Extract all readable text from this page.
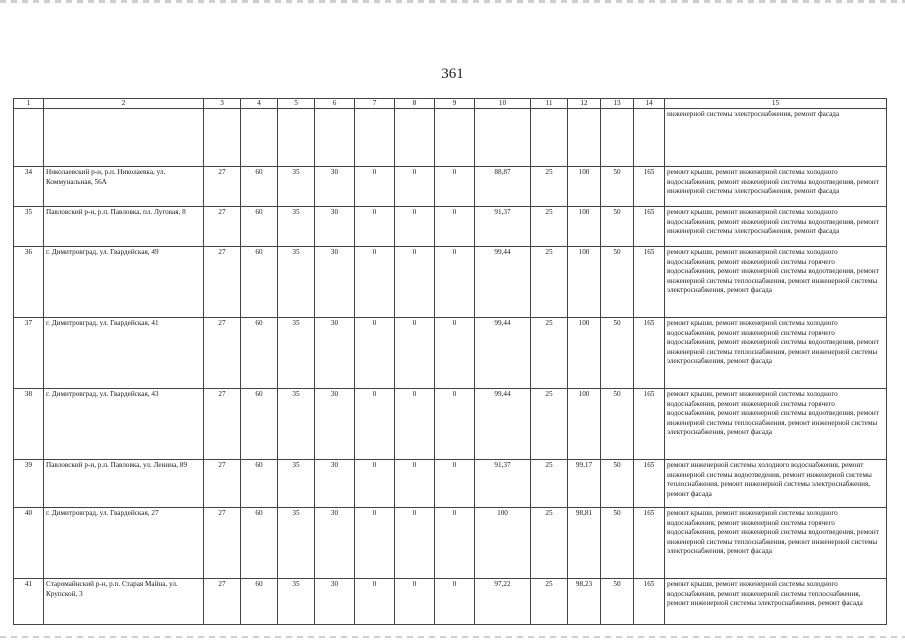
361
1	2	3	4	5	6	7	8	9	10	11	12	13	14	15
														инженерной системы электроснабжения, ремонт фасада
34	Николаевский р-н, р.п. Николаевка, ул. Коммунальная, 56А	27	60	35	30	0	0	0	88,87	25	100	50	165	ремонт крыши, ремонт инженерной системы холодного водоснабжения, ремонт инженерной системы водоотведения, ремонт инженерной системы электроснабжения, ремонт фасада
35	Павловский р-н, р.п. Павловка, пл. Луговая, 8	27	60	35	30	0	0	0	91,37	25	100	50	165	ремонт крыши, ремонт инженерной системы холодного водоснабжения, ремонт инженерной системы водоотведения, ремонт инженерной системы электроснабжения, ремонт фасада
36	г. Димитровград, ул. Гвардейская, 49	27	60	35	30	0	0	0	99,44	25	100	50	165	ремонт крыши, ремонт инженерной системы холодного водоснабжения, ремонт инженерной системы горячего водоснабжения, ремонт инженерной системы водоотведения, ремонт инженерной системы теплоснабжения, ремонт инженерной системы электроснабжения, ремонт фасада
37	г. Димитровград, ул. Гвардейская, 41	27	60	35	30	0	0	0	99,44	25	100	50	165	ремонт крыши, ремонт инженерной системы холодного водоснабжения, ремонт инженерной системы горячего водоснабжения, ремонт инженерной системы водоотведения, ремонт инженерной системы теплоснабжения, ремонт инженерной системы электроснабжения, ремонт фасада
38	г. Димитровград, ул. Гвардейская, 43	27	60	35	30	0	0	0	99,44	25	100	50	165	ремонт крыши, ремонт инженерной системы холодного водоснабжения, ремонт инженерной системы горячего водоснабжения, ремонт инженерной системы водоотведения, ремонт инженерной системы теплоснабжения, ремонт инженерной системы электроснабжения, ремонт фасада
39	Павловский р-н, р.п. Павловка, ул. Ленина, 89	27	60	35	30	0	0	0	91,37	25	99,17	50	165	ремонт инженерной системы холодного водоснабжения, ремонт инженерной системы водоотведения, ремонт инженерной системы теплоснабжения, ремонт инженерной системы электроснабжения, ремонт фасада
40	г. Димитровград, ул. Гвардейская, 27	27	60	35	30	0	0	0	100	25	98,81	50	165	ремонт крыши, ремонт инженерной системы холодного водоснабжения, ремонт инженерной системы горячего водоснабжения, ремонт инженерной системы водоотведения, ремонт инженерной системы теплоснабжения, ремонт инженерной системы электроснабжения, ремонт фасада
41	Старомайнский р-н, р.п. Старая Майна, ул. Крупской, 3	27	60	35	30	0	0	0	97,22	25	98,23	50	165	ремонт крыши, ремонт инженерной системы холодного водоснабжения, ремонт инженерной системы теплоснабжения, ремонт инженерной системы электроснабжения, ремонт фасада
